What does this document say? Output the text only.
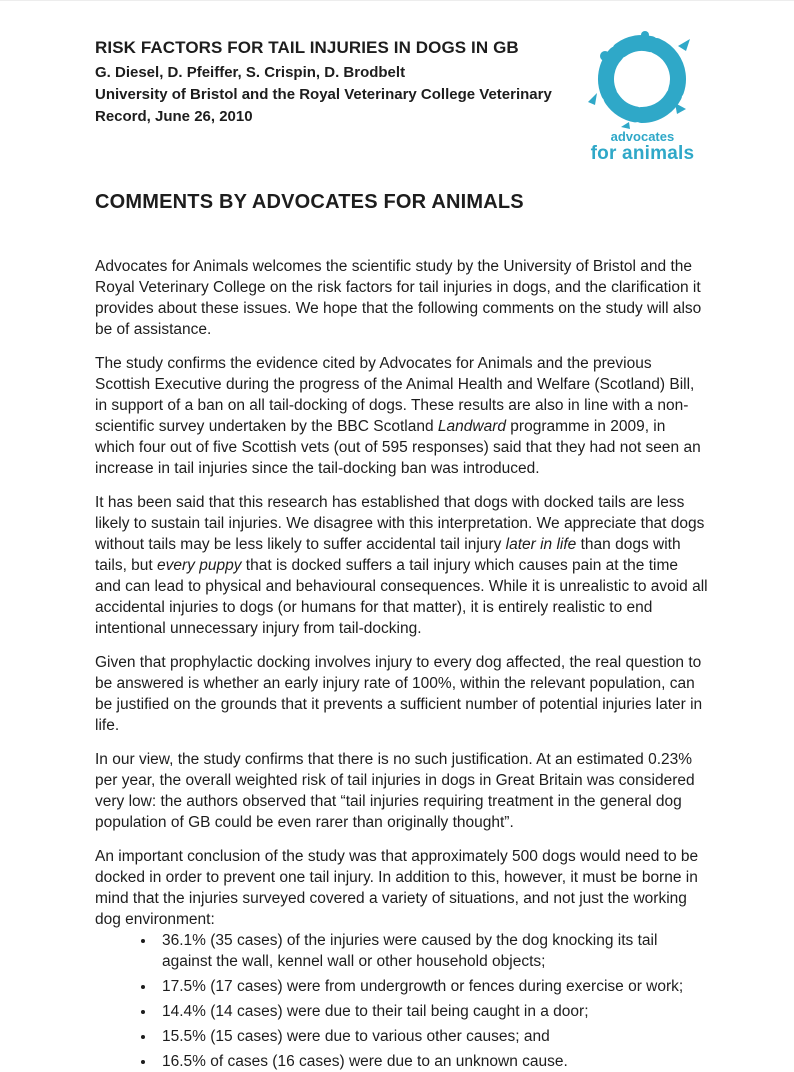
RISK FACTORS FOR TAIL INJURIES IN DOGS IN GB

G. Diesel, D. Pfeiffer, S. Crispin, D. Brodbelt

University of Bristol and the Royal Veterinary College Veterinary Record, June 26, 2010

advocates
for animals
COMMENTS BY ADVOCATES FOR ANIMALS

Advocates for Animals welcomes the scientific study by the University of Bristol and the Royal Veterinary College on the risk factors for tail injuries in dogs, and the clarification it provides about these issues. We hope that the following comments on the study will also be of assistance.

The study confirms the evidence cited by Advocates for Animals and the previous Scottish Executive during the progress of the Animal Health and Welfare (Scotland) Bill, in support of a ban on all tail-docking of dogs. These results are also in line with a non-scientific survey undertaken by the BBC Scotland Landward programme in 2009, in which four out of five Scottish vets (out of 595 responses) said that they had not seen an increase in tail injuries since the tail-docking ban was introduced.

It has been said that this research has established that dogs with docked tails are less likely to sustain tail injuries. We disagree with this interpretation. We appreciate that dogs without tails may be less likely to suffer accidental tail injury later in life than dogs with tails, but every puppy that is docked suffers a tail injury which causes pain at the time and can lead to physical and behavioural consequences. While it is unrealistic to avoid all accidental injuries to dogs (or humans for that matter), it is entirely realistic to end intentional unnecessary injury from tail-docking.

Given that prophylactic docking involves injury to every dog affected, the real question to be answered is whether an early injury rate of 100%, within the relevant population, can be justified on the grounds that it prevents a sufficient number of potential injuries later in life.

In our view, the study confirms that there is no such justification. At an estimated 0.23% per year, the overall weighted risk of tail injuries in dogs in Great Britain was considered very low: the authors observed that “tail injuries requiring treatment in the general dog population of GB could be even rarer than originally thought”.

An important conclusion of the study was that approximately 500 dogs would need to be docked in order to prevent one tail injury. In addition to this, however, it must be borne in mind that the injuries surveyed covered a variety of situations, and not just the working dog environment:

• 36.1% (35 cases) of the injuries were caused by the dog knocking its tail against the wall, kennel wall or other household objects;
• 17.5% (17 cases) were from undergrowth or fences during exercise or work;
• 14.4% (14 cases) were due to their tail being caught in a door;
• 15.5% (15 cases) were due to various other causes; and
• 16.5% of cases (16 cases) were due to an unknown cause.
